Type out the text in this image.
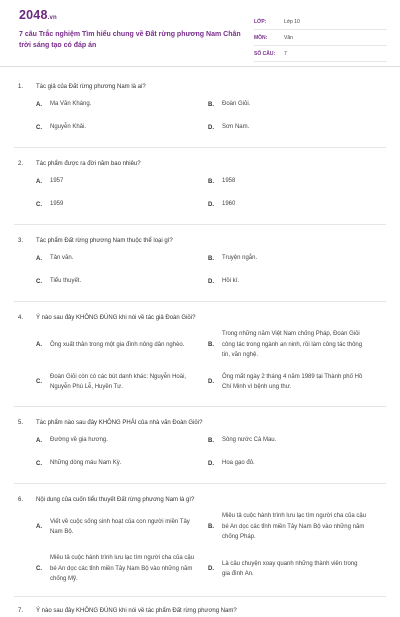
2048.vn
7 câu Trắc nghiệm Tìm hiểu chung về Đất rừng phương Nam Chân trời sáng tạo có đáp án
LỚP:	Lớp 10
MÔN:	Văn
SỐ CÂU:	7
1.	Tác giả của Đất rừng phương Nam là ai?
A.	Ma Văn Kháng.	B.	Đoàn Giỏi.
C.	Nguyễn Khải.	D.	Sơn Nam.
2.	Tác phẩm được ra đời năm bao nhiêu?
A.	1957	B.	1958
C.	1959	D.	1960
3.	Tác phẩm Đất rừng phương Nam thuộc thể loại gì?
A.	Tản văn.	B.	Truyện ngắn.
C.	Tiểu thuyết.	D.	Hồi kí.
4.	Ý nào sau đây KHÔNG ĐÚNG khi nói về tác giả Đoàn Giỏi?
A.	Ông xuất thân trong một gia đình nông dân nghèo.	B.
Trong những năm Việt Nam chống Pháp, Đoàn Giỏi công tác trong ngành an ninh, rồi làm công tác thông tin, văn nghệ.
C.
Đoàn Giỏi còn có các bút danh khác: Nguyễn Hoài, Nguyễn Phú Lễ, Huyền Tư.
D.
Ông mất ngày 2 tháng 4 năm 1989 tại Thành phố Hồ Chí Minh vì bệnh ung thư.
5.	Tác phẩm nào sau đây KHÔNG PHẢI của nhà văn Đoàn Giỏi?
A.	Đường về gia hương.	B.	Sông nước Cà Mau.
C.	Những dòng máu Nam Kỳ.	D.	Hoa gạo đỏ.
6.	Nội dung của cuốn tiểu thuyết Đất rừng phương Nam là gì?
A.
Viết về cuộc sống sinh hoạt của con người miền Tây Nam Bộ.
B.
Miêu tả cuộc hành trình lưu lạc tìm người cha của cậu bé An dọc các tỉnh miền Tây Nam Bộ vào những năm chống Pháp.
C.
Miêu tả cuộc hành trình lưu lạc tìm người cha của cậu bé An dọc các tỉnh miền Tây Nam Bộ vào những năm chống Mỹ.
D.
Là câu chuyện xoay quanh những thành viên trong gia đình An.
7.	Ý nào sau đây KHÔNG ĐÚNG khi nói về tác phẩm Đất rừng phương Nam?
